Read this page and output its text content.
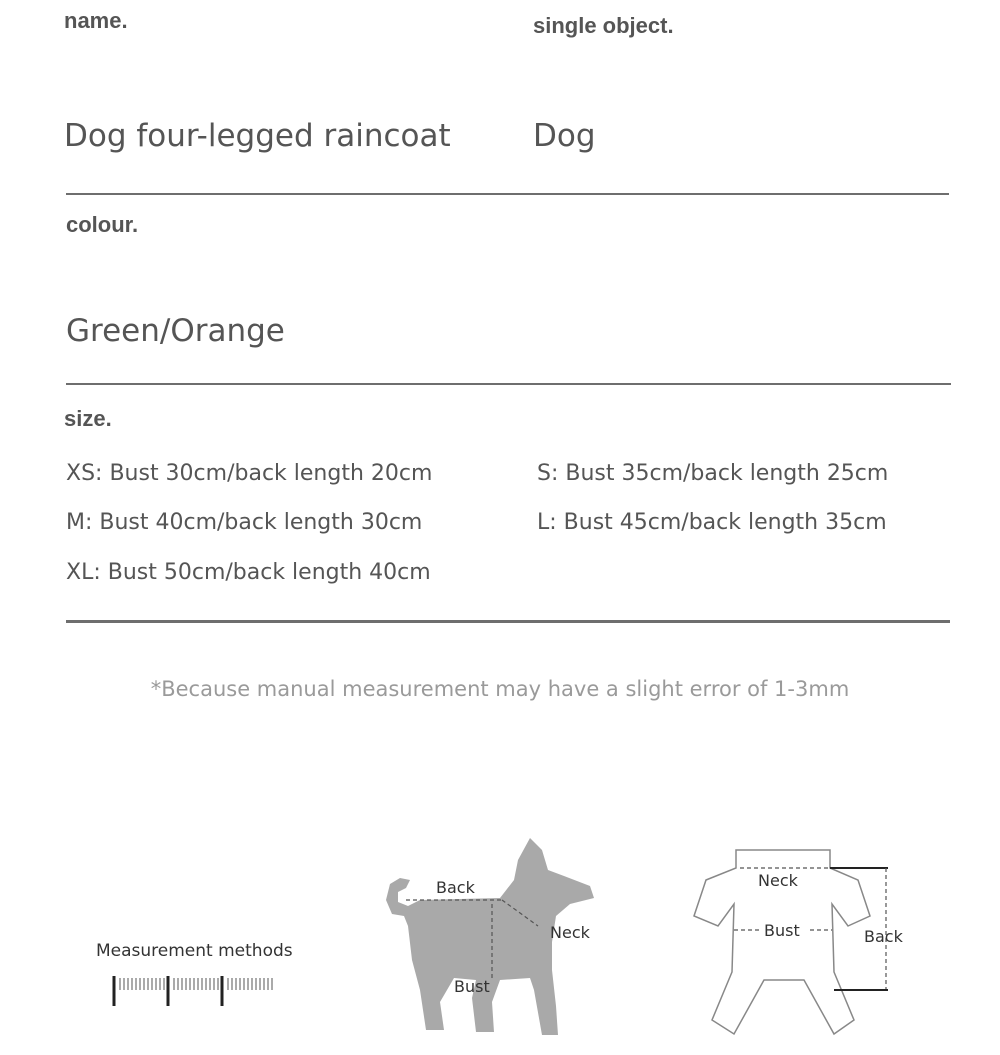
name.	single object.
Dog four-legged raincoat	Dog
colour.
Green/Orange
size.
XS: Bust 30cm/back length 20cm	S: Bust 35cm/back length 25cm
M: Bust 40cm/back length 30cm	L: Bust 45cm/back length 35cm
XL: Bust 50cm/back length 40cm
*Because manual measurement may have a slight error of 1-3mm
Measurement methods
Back
Neck
Bust
Neck
Bust	Back
